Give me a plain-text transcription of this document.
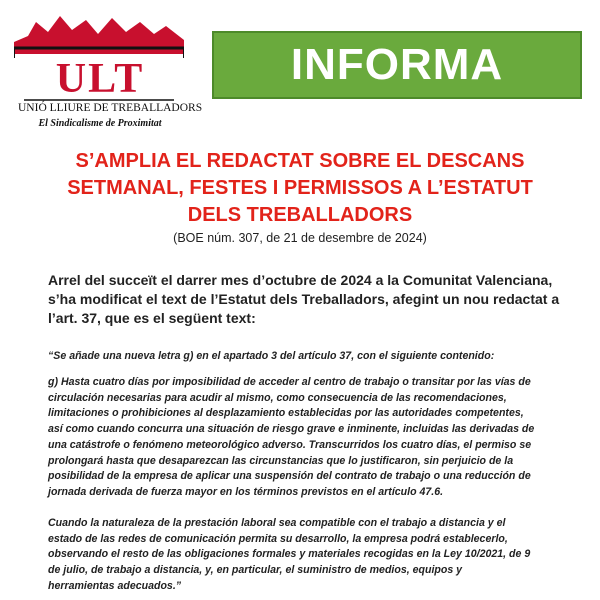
ULT
UNIÓ LLIURE DE TREBALLADORS
El Sindicalisme de Proximitat
INFORMA
S’AMPLIA EL REDACTAT SOBRE EL DESCANS
SETMANAL, FESTES I PERMISSOS A L’ESTATUT
DELS TREBALLADORS
(BOE núm. 307, de 21 de desembre de 2024)
Arrel del succeït el darrer mes d’octubre de 2024 a la Comunitat Valenciana,
s’ha modificat el text de l’Estatut dels Treballadors, afegint un nou redactat a
l’art. 37, que es el següent text:
“Se añade una nueva letra g) en el apartado 3 del artículo 37, con el siguiente contenido:
g) Hasta cuatro días por imposibilidad de acceder al centro de trabajo o transitar por las vías de
circulación necesarias para acudir al mismo, como consecuencia de las recomendaciones,
limitaciones o prohibiciones al desplazamiento establecidas por las autoridades competentes,
así como cuando concurra una situación de riesgo grave e inminente, incluidas las derivadas de
una catástrofe o fenómeno meteorológico adverso. Transcurridos los cuatro días, el permiso se
prolongará hasta que desaparezcan las circunstancias que lo justificaron, sin perjuicio de la
posibilidad de la empresa de aplicar una suspensión del contrato de trabajo o una reducción de
jornada derivada de fuerza mayor en los términos previstos en el artículo 47.6.
Cuando la naturaleza de la prestación laboral sea compatible con el trabajo a distancia y el
estado de las redes de comunicación permita su desarrollo, la empresa podrá establecerlo,
observando el resto de las obligaciones formales y materiales recogidas en la Ley 10/2021, de 9
de julio, de trabajo a distancia, y, en particular, el suministro de medios, equipos y
herramientas adecuados.”
